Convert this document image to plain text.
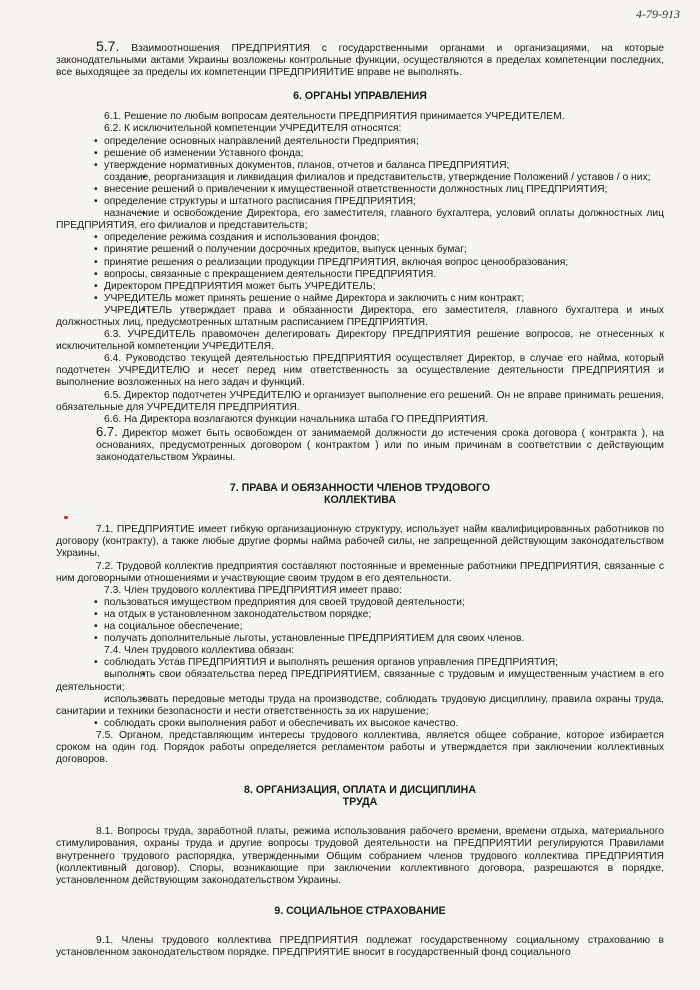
4-79-913

5.7. Взаимоотношения ПРЕДПРИЯТИЯ с государственными органами и организациями, на которые законодательными актами Украины возложены контрольные функции, осуществляются в пределах компетенции последних, все выходящее за пределы их компетенции ПРЕДПРИЯИТИЕ вправе не выполнять.

6. ОРГАНЫ УПРАВЛЕНИЯ

6.1. Решение по любым вопросам деятельности ПРЕДПРИЯТИЯ принимается УЧРЕДИТЕЛЕМ.

6.2. К исключительной компетенции УЧРЕДИТЕЛЯ относятся:

• определение основных направлений деятельности Предприятия;
• решение об изменении Уставного фонда;
• утверждение нормативных документов, планов, отчетов и баланса ПРЕДПРИЯТИЯ;
• создание, реорганизация и ликвидация филиалов и представительств, утверждение Положений / уставов / о них;
• внесение решений о привлечении к имущественной ответственности должностных лиц ПРЕДПРИЯТИЯ;
• определение структуры и штатного расписания ПРЕДПРИЯТИЯ;
• назначение и освобождение Директора, его заместителя, главного бухгалтера, условий оплаты должностных лиц ПРЕДПРИЯТИЯ, его филиалов и представительств;
• определение режима создания и использования фондов;
• принятие решений о получении досрочных кредитов, выпуск ценных бумаг;
• принятие решения о реализации продукции ПРЕДПРИЯТИЯ, включая вопрос ценообразования;
• вопросы, связанные с прекращением деятельности ПРЕДПРИЯТИЯ.
• Директором ПРЕДПРИЯТИЯ может быть УЧРЕДИТЕЛЬ;
• УЧРЕДИТЕЛЬ может принять решение о найме Директора и заключить с ним контракт;
• УЧРЕДИТЕЛЬ утверждает права и обязанности Директора, его заместителя, главного бухгалтера и иных должностных лиц, предусмотренных штатным расписанием ПРЕДПРИЯТИЯ.

6.3. УЧРЕДИТЕЛЬ правомочен делегировать Директору ПРЕДПРИЯТИЯ решение вопросов, не отнесенных к исключительной компетенции УЧРЕДИТЕЛЯ.

6.4. Руководство текущей деятельностью ПРЕДПРИЯТИЯ осуществляет Директор, в случае его найма, который подотчетен УЧРЕДИТЕЛЮ и несет перед ним ответственность за осуществление деятельности ПРЕДПРИЯТИЯ и выполнение возложенных на него задач и функций.

6.5. Директор подотчетен УЧРЕДИТЕЛЮ и организует выполнение его решений. Он не вправе принимать решения, обязательные для УЧРЕДИТЕЛЯ ПРЕДПРИЯТИЯ.

6.6. На Директора возлагаются функции начальника штаба ГО ПРЕДПРИЯТИЯ.

6.7. Директор может быть освобожден от занимаемой должности до истечения срока договора ( контракта ), на основаниях, предусмотренных договором ( контрактом ) или по иным причинам в соответствии с действующим законодательством Украины.

7. ПРАВА И ОБЯЗАННОСТИ ЧЛЕНОВ ТРУДОВОГО

КОЛЛЕКТИВА

7.1. ПРЕДПРИЯТИЕ имеет гибкую организационную структуру, использует найм квалифицированных работников по договору (контракту), а также любые другие формы найма рабочей силы, не запрещенной действующим законодательством Украины.

7.2. Трудовой коллектив предприятия составляют постоянные и временные работники ПРЕДПРИЯТИЯ, связанные с ним договорными отношениями и участвующие своим трудом в его деятельности.

7.3. Член трудового коллектива ПРЕДПРИЯТИЯ имеет право:

• пользоваться имуществом предприятия для своей трудовой деятельности;
• на отдых в установленном законодательством порядке;
• на социальное обеспечение;
• получать дополнительные льготы, установленные ПРЕДПРИЯТИЕМ для своих членов.

7.4. Член трудового коллектива обязан:

• соблюдать Устав ПРЕДПРИЯТИЯ и выполнять решения органов управления ПРЕДПРИЯТИЯ;
• выполнять свои обязательства перед ПРЕДПРИЯТИЕМ, связанные с трудовым и имущественным участием в его деятельности;
• использовать передовые методы труда на производстве, соблюдать трудовую дисциплину, правила охраны труда, санитарии и техники безопасности и нести ответственность за их нарушение;
• соблюдать сроки выполнения работ и обеспечивать их высокое качество.

7.5. Органом, представляющим интересы трудового коллектива, является общее собрание, которое избирается сроком на один год. Порядок работы определяется регламентом работы и утверждается при заключении коллективных договоров.

8. ОРГАНИЗАЦИЯ, ОПЛАТА И ДИСЦИПЛИНА

ТРУДА

8.1. Вопросы труда, заработной платы, режима использования рабочего времени, времени отдыха, материального стимулирования, охраны труда и другие вопросы трудовой деятельности на ПРЕДПРИЯТИИ регулируются Правилами внутреннего трудового распорядка, утвержденными Общим собранием членов трудового коллектива ПРЕДПРИЯТИЯ (коллективный договор). Споры, возникающие при заключении коллективного договора, разрешаются в порядке, установленном действующим законодательством Украины.

9. СОЦИАЛЬНОЕ СТРАХОВАНИЕ

9.1. Члены трудового коллектива ПРЕДПРИЯТИЯ подлежат государственному социальному страхованию в установленном законодательством порядке. ПРЕДПРИЯТИЕ вносит в государственный фонд социального
